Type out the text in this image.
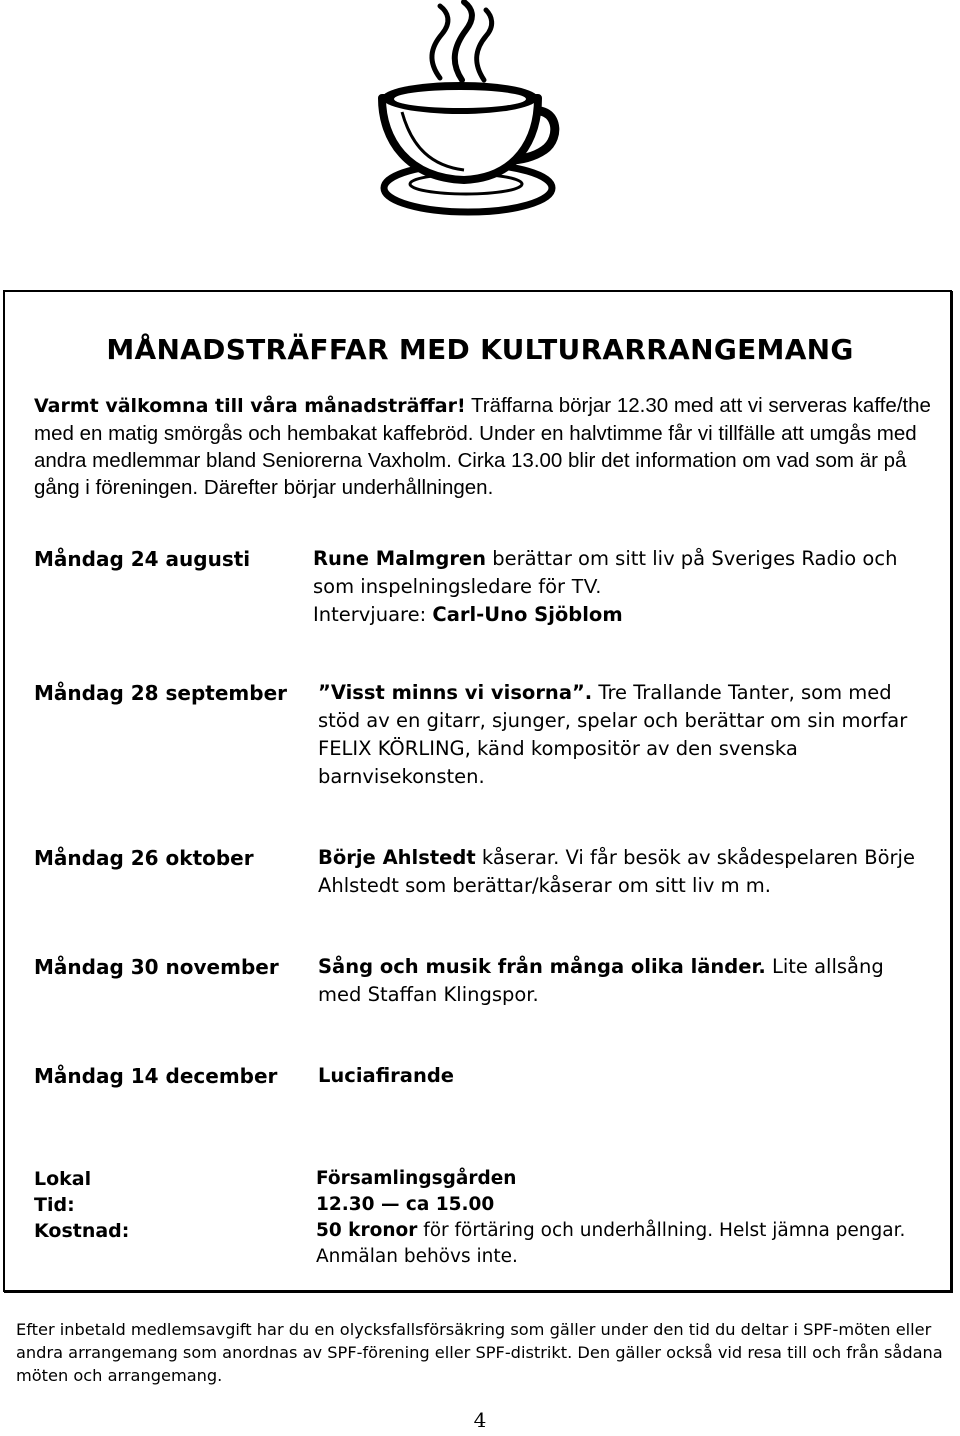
MÅNADSTRÄFFAR MED KULTURARRANGEMANG
Varmt välkomna till våra månadsträffar! Träffarna börjar 12.30 med att vi serveras kaffe/the med en matig smörgås och hembakat kaffebröd. Under en halvtimme får vi tillfälle att umgås med andra medlemmar bland Seniorerna Vaxholm. Cirka 13.00 blir det information om vad som är på gång i föreningen. Därefter börjar underhållningen.
Måndag 24 augusti	Rune Malmgren berättar om sitt liv på Sveriges Radio och som inspelningsledare för TV.
Intervjuare: Carl-Uno Sjöblom
Måndag 28 september ”Visst minns vi visorna”. Tre Trallande Tanter, som med stöd av en gitarr, sjunger, spelar och berättar om sin morfar FELIX KÖRLING, känd kompositör av den svenska barnvisekonsten.
Måndag 26 oktober	Börje Ahlstedt kåserar. Vi får besök av skådespelaren Börje Ahlstedt som berättar/kåserar om sitt liv m m.
Måndag 30 november Sång och musik från många olika länder. Lite allsång med Staffan Klingspor.
Måndag 14 december Luciafirande
Lokal	Församlingsgården
Tid:	12.30 — ca 15.00
Kostnad:	50 kronor för förtäring och underhållning. Helst jämna pengar.
Anmälan behövs inte.
Efter inbetald medlemsavgift har du en olycksfallsförsäkring som gäller under den tid du deltar i SPF-möten eller andra arrangemang som anordnas av SPF-förening eller SPF-distrikt. Den gäller också vid resa till och från sådana möten och arrangemang.
4
